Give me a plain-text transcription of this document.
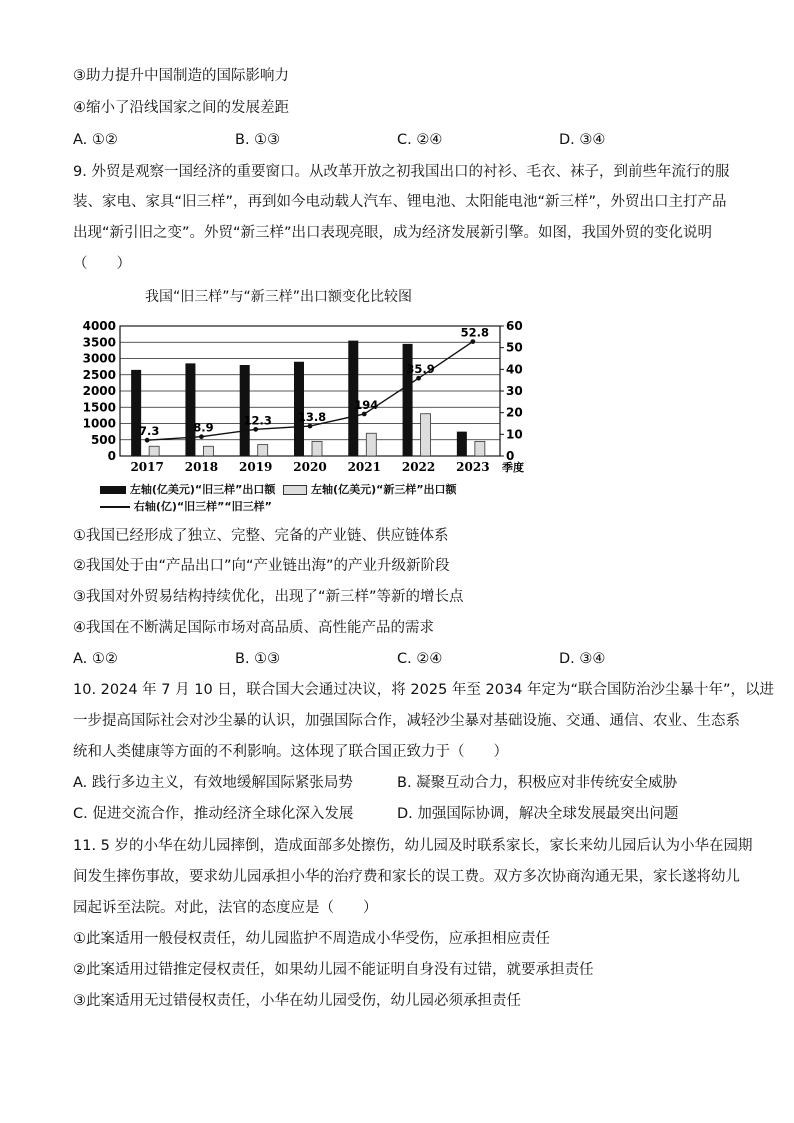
③助力提升中国制造的国际影响力
④缩小了沿线国家之间的发展差距
A. ①②	B. ①③	C. ②④	D. ③④
9. 外贸是观察一国经济的重要窗口。从改革开放之初我国出口的衬衫、毛衣、袜子，到前些年流行的服
装、家电、家具“旧三样”，再到如今电动载人汽车、锂电池、太阳能电池“新三样”，外贸出口主打产品
出现“新引旧之变”。外贸“新三样”出口表现亮眼，成为经济发展新引擎。如图，我国外贸的变化说明
（　　）
我国“旧三样”与“新三样”出口额变化比较图
7.3	8.9
12.3 13.8
194
35.9
52.8
0
500
1000
1500
2000
2500
3000
3500
4000
0
10
20
30
40
50
60
2017 2018 2019 2020 2021 2022 2023 季度
左轴(亿美元)“旧三样”出口额	左轴(亿美元)“新三样”出口额
右轴(亿)“旧三样”“旧三样”
①我国已经形成了独立、完整、完备的产业链、供应链体系
②我国处于由“产品出口”向“产业链出海”的产业升级新阶段
③我国对外贸易结构持续优化，出现了“新三样”等新的增长点
④我国在不断满足国际市场对高品质、高性能产品的需求
A. ①②	B. ①③	C. ②④	D. ③④
10. 2024 年 7 月 10 日，联合国大会通过决议，将 2025 年至 2034 年定为“联合国防治沙尘暴十年”，以进
一步提高国际社会对沙尘暴的认识，加强国际合作，减轻沙尘暴对基础设施、交通、通信、农业、生态系
统和人类健康等方面的不利影响。这体现了联合国正致力于（　　）
A. 践行多边主义，有效地缓解国际紧张局势	B. 凝聚互动合力，积极应对非传统安全威胁
C. 促进交流合作，推动经济全球化深入发展	D. 加强国际协调，解决全球发展最突出问题
11. 5 岁的小华在幼儿园摔倒，造成面部多处擦伤，幼儿园及时联系家长，家长来幼儿园后认为小华在园期
间发生摔伤事故，要求幼儿园承担小华的治疗费和家长的误工费。双方多次协商沟通无果，家长遂将幼儿
园起诉至法院。对此，法官的态度应是（　　）
①此案适用一般侵权责任，幼儿园监护不周造成小华受伤，应承担相应责任
②此案适用过错推定侵权责任，如果幼儿园不能证明自身没有过错，就要承担责任
③此案适用无过错侵权责任，小华在幼儿园受伤，幼儿园必须承担责任
